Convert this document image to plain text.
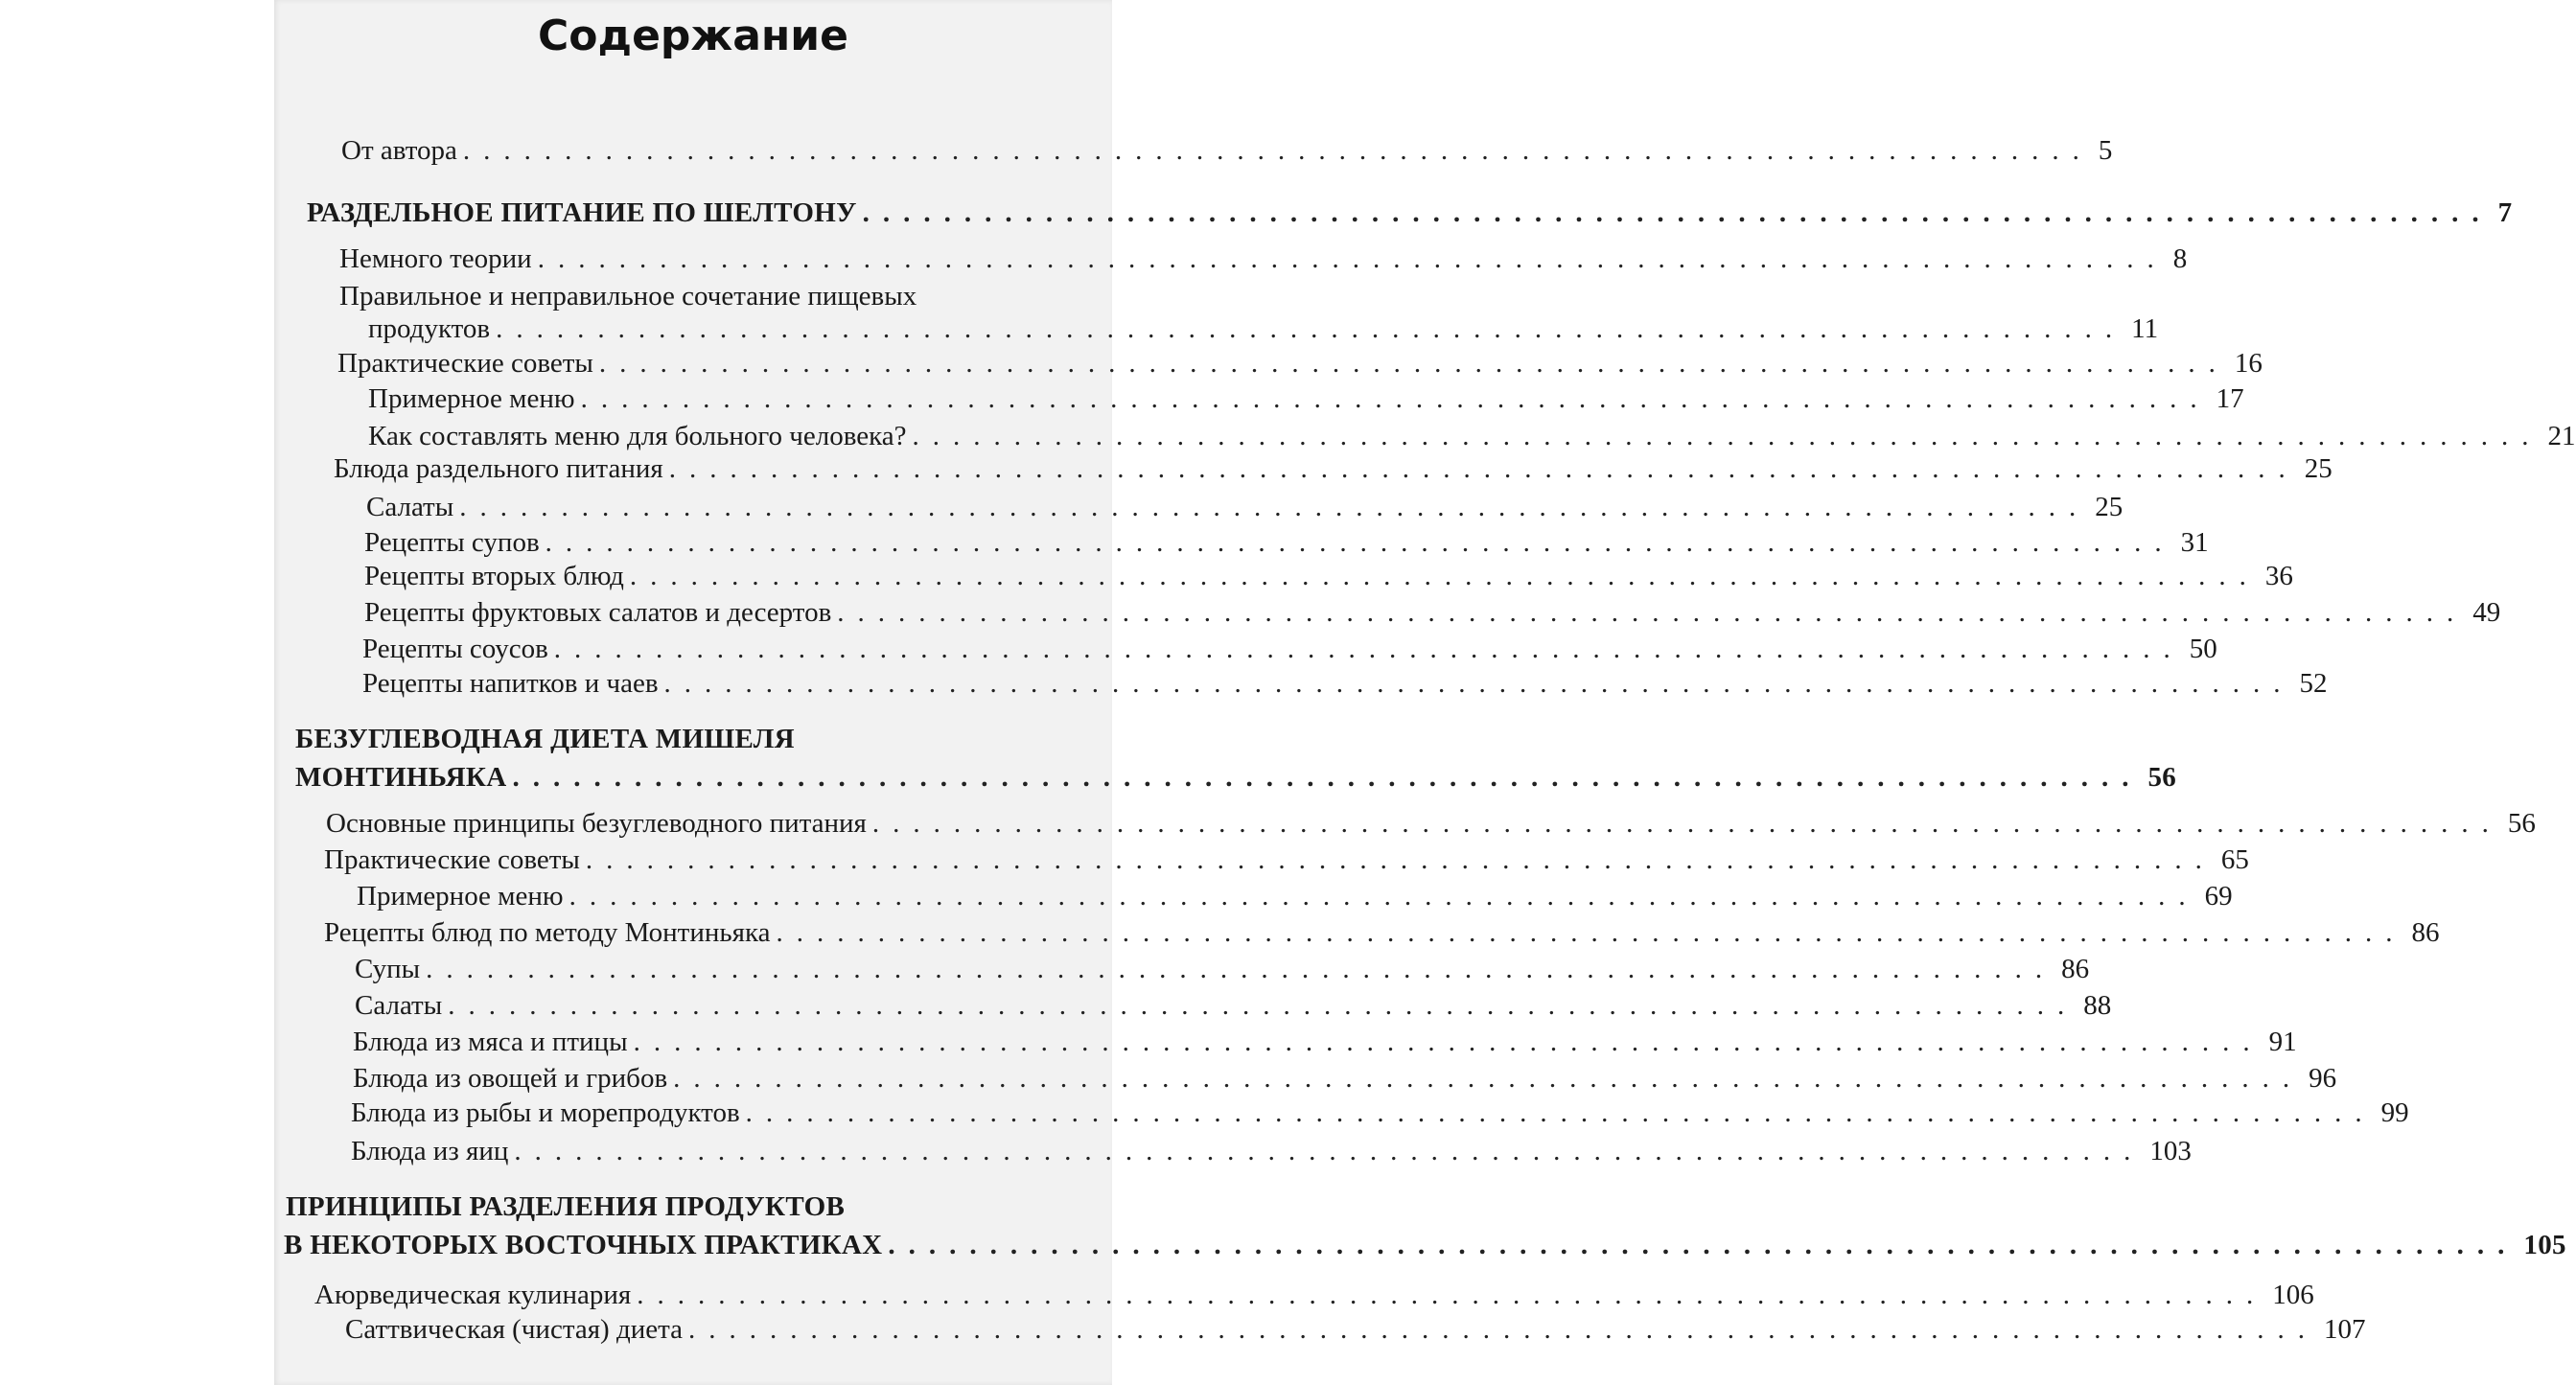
Содержание
От автора ................................................................................ 5
РАЗДЕЛЬНОЕ ПИТАНИЕ ПО ШЕЛТОНУ ................................................................................ 7
Немного теории ................................................................................ 8
Правильное и неправильное сочетание пищевых
продуктов ................................................................................ 11
Практические советы ................................................................................ 16
Примерное меню ................................................................................ 17
Как составлять меню для больного человека? ................................................................................ 21
Блюда раздельного питания ................................................................................ 25
Салаты ................................................................................ 25
Рецепты супов ................................................................................ 31
Рецепты вторых блюд ................................................................................ 36
Рецепты фруктовых салатов и десертов ................................................................................ 49
Рецепты соусов ................................................................................ 50
Рецепты напитков и чаев ................................................................................ 52
БЕЗУГЛЕВОДНАЯ ДИЕТА МИШЕЛЯ
МОНТИНЬЯКА ................................................................................ 56
Основные принципы безуглеводного питания ................................................................................ 56
Практические советы ................................................................................ 65
Примерное меню ................................................................................ 69
Рецепты блюд по методу Монтиньяка ................................................................................ 86
Супы ................................................................................ 86
Салаты ................................................................................ 88
Блюда из мяса и птицы ................................................................................ 91
Блюда из овощей и грибов ................................................................................ 96
Блюда из рыбы и морепродуктов ................................................................................ 99
Блюда из яиц ................................................................................ 103
ПРИНЦИПЫ РАЗДЕЛЕНИЯ ПРОДУКТОВ
В НЕКОТОРЫХ ВОСТОЧНЫХ ПРАКТИКАХ ................................................................................ 105
Аюрведическая кулинария ................................................................................ 106
Саттвическая (чистая) диета ................................................................................ 107
